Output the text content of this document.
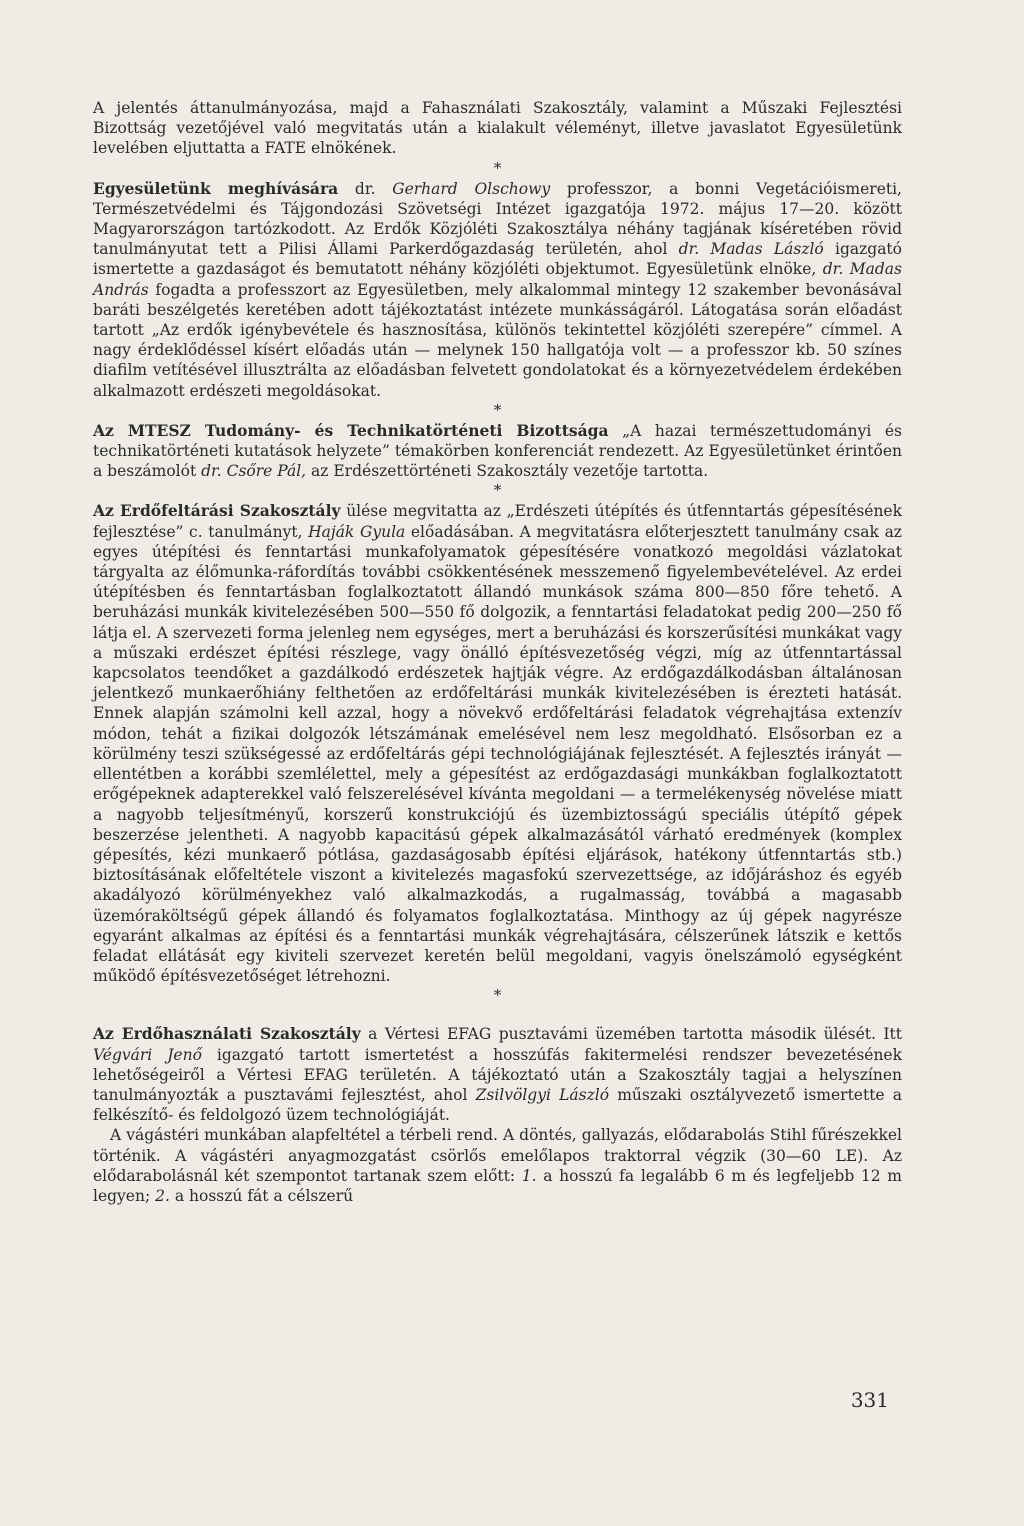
A jelentés áttanulmányozása, majd a Fahasználati Szakosztály, valamint a Műszaki Fejlesztési Bizottság vezetőjével való megvitatás után a kialakult véleményt, illetve javaslatot Egyesületünk levelében eljuttatta a FATE elnökének.

*

Egyesületünk meghívására dr. Gerhard Olschowy professzor, a bonni Vegetációismereti, Természetvédelmi és Tájgondozási Szövetségi Intézet igazgatója 1972. május 17—20. között Magyarországon tartózkodott. Az Erdők Közjóléti Szakosztálya néhány tagjának kíséretében rövid tanulmányutat tett a Pilisi Állami Parkerdőgazdaság területén, ahol dr. Madas László igazgató ismertette a gazdaságot és bemutatott néhány közjóléti objektumot. Egyesületünk elnöke, dr. Madas András fogadta a professzort az Egyesületben, mely alkalommal mintegy 12 szakember bevonásával baráti beszélgetés keretében adott tájékoztatást intézete munkásságáról. Látogatása során előadást tartott „Az erdők igénybevétele és hasznosítása, különös tekintettel közjóléti szerepére” címmel. A nagy érdeklődéssel kísért előadás után — melynek 150 hallgatója volt — a professzor kb. 50 színes diafilm vetítésével illusztrálta az előadásban felvetett gondolatokat és a környezetvédelem érdekében alkalmazott erdészeti megoldásokat.

*

Az MTESZ Tudomány- és Technikatörténeti Bizottsága „A hazai természettudományi és technikatörténeti kutatások helyzete” témakörben konferenciát rendezett. Az Egyesületünket érintően a beszámolót dr. Csőre Pál, az Erdészettörténeti Szakosztály vezetője tartotta.

*

Az Erdőfeltárási Szakosztály ülése megvitatta az „Erdészeti útépítés és útfenntartás gépesítésének fejlesztése” c. tanulmányt, Haják Gyula előadásában. A megvitatásra előterjesztett tanulmány csak az egyes útépítési és fenntartási munkafolyamatok gépesítésére vonatkozó megoldási vázlatokat tárgyalta az élőmunka-ráfordítás további csökkentésének messzemenő figyelembevételével. Az erdei útépítésben és fenntartásban foglalkoztatott állandó munkások száma 800—850 főre tehető. A beruházási munkák kivitelezésében 500—550 fő dolgozik, a fenntartási feladatokat pedig 200—250 fő látja el. A szervezeti forma jelenleg nem egységes, mert a beruházási és korszerűsítési munkákat vagy a műszaki erdészet építési részlege, vagy önálló építésvezetőség végzi, míg az útfenntartással kapcsolatos teendőket a gazdálkodó erdészetek hajtják végre. Az erdőgazdálkodásban általánosan jelentkező munkaerőhiány felthetően az erdőfeltárási munkák kivitelezésében is érezteti hatását. Ennek alapján számolni kell azzal, hogy a növekvő erdőfeltárási feladatok végrehajtása extenzív módon, tehát a fizikai dolgozók létszámának emelésével nem lesz megoldható. Elsősorban ez a körülmény teszi szükségessé az erdőfeltárás gépi technológiájának fejlesztését. A fejlesztés irányát — ellentétben a korábbi szemlélettel, mely a gépesítést az erdőgazdasági munkákban foglalkoztatott erőgépeknek adapterekkel való felszerelésével kívánta megoldani — a termelékenység növelése miatt a nagyobb teljesítményű, korszerű konstrukciójú és üzembiztosságú speciális útépítő gépek beszerzése jelentheti. A nagyobb kapacitású gépek alkalmazásától várható eredmények (komplex gépesítés, kézi munkaerő pótlása, gazdaságosabb építési eljárások, hatékony útfenntartás stb.) biztosításának előfeltétele viszont a kivitelezés magasfokú szervezettsége, az időjáráshoz és egyéb akadályozó körülményekhez való alkalmazkodás, a rugalmasság, továbbá a magasabb üzemóraköltségű gépek állandó és folyamatos foglalkoztatása. Minthogy az új gépek nagyrésze egyaránt alkalmas az építési és a fenntartási munkák végrehajtására, célszerűnek látszik e kettős feladat ellátását egy kiviteli szervezet keretén belül megoldani, vagyis önelszámoló egységként működő építésvezetőséget létrehozni.

*

Az Erdőhasználati Szakosztály a Vértesi EFAG pusztavámi üzemében tartotta második ülését. Itt Végvári Jenő igazgató tartott ismertetést a hosszúfás fakitermelési rendszer bevezetésének lehetőségeiről a Vértesi EFAG területén. A tájékoztató után a Szakosztály tagjai a helyszínen tanulmányozták a pusztavámi fejlesztést, ahol Zsilvölgyi László műszaki osztályvezető ismertette a felkészítő- és feldolgozó üzem technológiáját.

A vágástéri munkában alapfeltétel a térbeli rend. A döntés, gallyazás, elődarabolás Stihl fűrészekkel történik. A vágástéri anyagmozgatást csörlős emelőlapos traktorral végzik (30—60 LE). Az elődarabolásnál két szempontot tartanak szem előtt: 1. a hosszú fa legalább 6 m és legfeljebb 12 m legyen; 2. a hosszú fát a célszerű

331
